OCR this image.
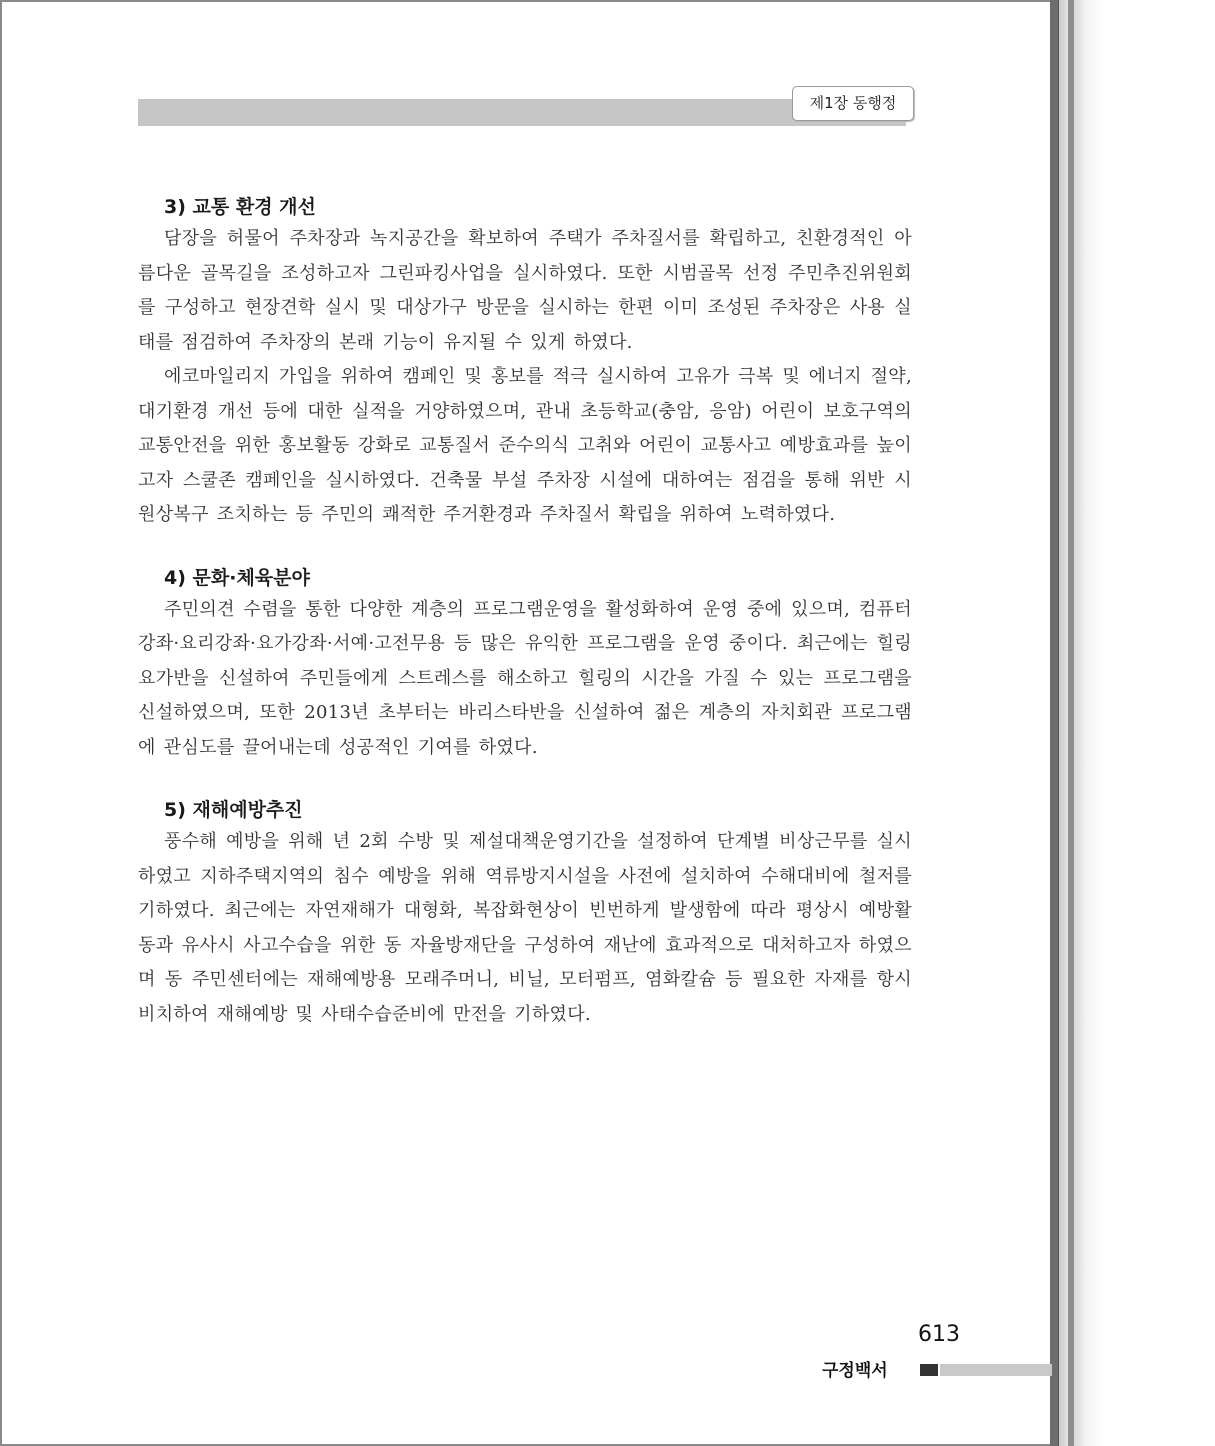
제1장 동행정
3) 교통 환경 개선

담장을 허물어 주차장과 녹지공간을 확보하여 주택가 주차질서를 확립하고, 친환경적인 아름다운 골목길을 조성하고자 그린파킹사업을 실시하였다. 또한 시범골목 선정 주민추진위원회를 구성하고 현장견학 실시 및 대상가구 방문을 실시하는 한편 이미 조성된 주차장은 사용 실태를 점검하여 주차장의 본래 기능이 유지될 수 있게 하였다.

에코마일리지 가입을 위하여 캠페인 및 홍보를 적극 실시하여 고유가 극복 및 에너지 절약, 대기환경 개선 등에 대한 실적을 거양하였으며, 관내 초등학교(충암, 응암) 어린이 보호구역의 교통안전을 위한 홍보활동 강화로 교통질서 준수의식 고취와 어린이 교통사고 예방효과를 높이고자 스쿨존 캠페인을 실시하였다. 건축물 부설 주차장 시설에 대하여는 점검을 통해 위반 시 원상복구 조치하는 등 주민의 쾌적한 주거환경과 주차질서 확립을 위하여 노력하였다.

4) 문화·체육분야

주민의견 수렴을 통한 다양한 계층의 프로그램운영을 활성화하여 운영 중에 있으며, 컴퓨터강좌·요리강좌·요가강좌·서예·고전무용 등 많은 유익한 프로그램을 운영 중이다. 최근에는 힐링요가반을 신설하여 주민들에게 스트레스를 해소하고 힐링의 시간을 가질 수 있는 프로그램을 신설하였으며, 또한 2013년 초부터는 바리스타반을 신설하여 젊은 계층의 자치회관 프로그램에 관심도를 끌어내는데 성공적인 기여를 하였다.

5) 재해예방추진

풍수해 예방을 위해 년 2회 수방 및 제설대책운영기간을 설정하여 단계별 비상근무를 실시하였고 지하주택지역의 침수 예방을 위해 역류방지시설을 사전에 설치하여 수해대비에 철저를 기하였다. 최근에는 자연재해가 대형화, 복잡화현상이 빈번하게 발생함에 따라 평상시 예방활동과 유사시 사고수습을 위한 동 자율방재단을 구성하여 재난에 효과적으로 대처하고자 하였으며 동 주민센터에는 재해예방용 모래주머니, 비닐, 모터펌프, 염화칼슘 등 필요한 자재를 항시 비치하여 재해예방 및 사태수습준비에 만전을 기하였다.

613
구정백서
